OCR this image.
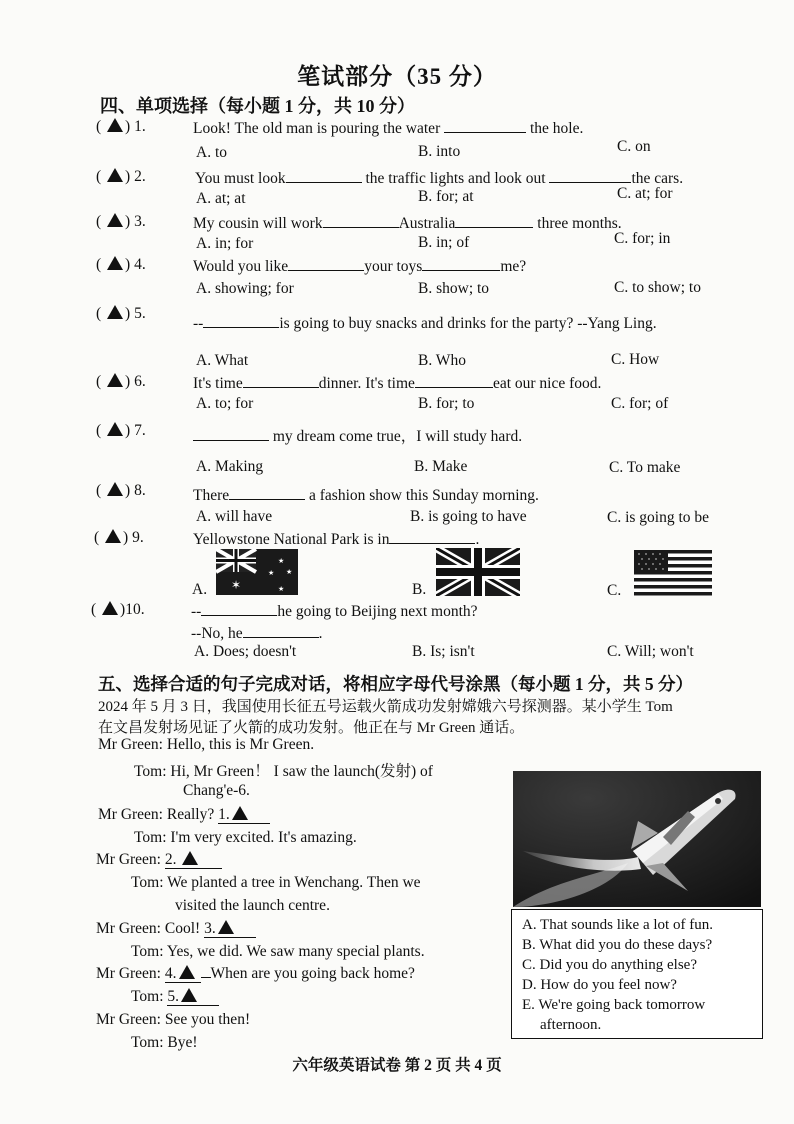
笔试部分（35 分）
四、单项选择（每小题 1 分，共 10 分）
( ) 1.	Look! The old man is pouring the water	the hole.
A. to	B. into	C. on
( ) 2.	You must look	the traffic lights and look out	the cars.
A. at; at	B. for; at	C. at; for
( ) 3.	My cousin will work	Australia	three months.
A. in; for	B. in; of	C. for; in
( ) 4.	Would you like	your toys	me?
A. showing; for	B. show; to	C. to show; to
( ) 5.
--	is going to buy snacks and drinks for the party? --Yang Ling.
A. What	B. Who	C. How
( ) 6.	It's time	dinner. It's time	eat our nice food.
A. to; for	B. for; to	C. for; of
( ) 7.	my dream come true，I will study hard.
A. Making	B. Make	C. To make
( ) 8.	There	a fashion show this Sunday morning.
A. will have	B. is going to have	C. is going to be
( ) 9.	Yellowstone National Park is in	.
A.	B.	C.
✶
★
★ ★
★
( )10.	--	he going to Beijing next month?
--No, he	.
A. Does; doesn't	B. Is; isn't	C. Will; won't
五、选择合适的句子完成对话，将相应字母代号涂黑（每小题 1 分，共 5 分）
2024 年 5 月 3 日，我国使用长征五号运载火箭成功发射嫦娥六号探测器。某小学生 Tom
在文昌发射场见证了火箭的成功发射。他正在与 Mr Green 通话。
Mr Green: Hello, this is Mr Green.
Tom: Hi, Mr Green！ I saw the launch(发射) of
Chang'e-6.
Mr Green: Really? 1.
Tom: I'm very excited. It's amazing.
Mr Green: 2.
Tom: We planted a tree in Wenchang. Then we
visited the launch centre.
Mr Green: Cool! 3.
Tom: Yes, we did. We saw many special plants.
Mr Green: 4. When are you going back home?
Tom: 5.
Mr Green: See you then!
Tom: Bye!
A. That sounds like a lot of fun.
B. What did you do these days?
C. Did you do anything else?
D. How do you feel now?
E. We're going back tomorrow
afternoon.
六年级英语试卷 第 2 页 共 4 页
